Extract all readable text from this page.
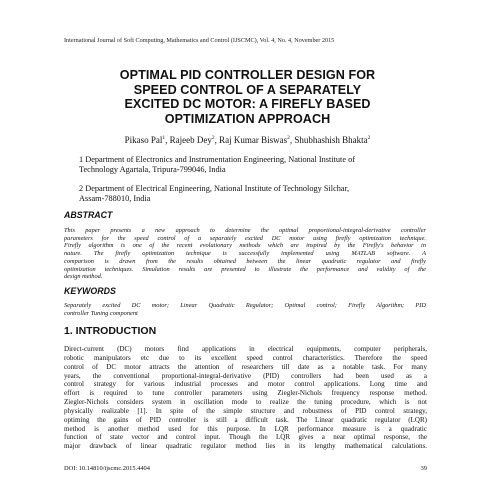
International Journal of Soft Computing, Mathematics and Control (IJSCMC), Vol. 4, No. 4, November 2015
OPTIMAL PID CONTROLLER DESIGN FOR
SPEED CONTROL OF A SEPARATELY
EXCITED DC MOTOR: A FIREFLY BASED
OPTIMIZATION APPROACH
Pikaso Pal$^1$, Rajeeb Dey$^2$, Raj Kumar Biswas$^2$, Shubhashish Bhakta$^2$
1 Department of Electronics and Instrumentation Engineering, National Institute of
Technology Agartala, Tripura-799046, India
2 Department of Electrical Engineering, National Institute of Technology Silchar,
Assam-788010, India
ABSTRACT
This paper presents a new approach to determine the optimal proportional-integral-derivative controller
parameters for the speed control of a separately excited DC motor using firefly optimization technique.
Firefly algorithm is one of the recent evolutionary methods which are inspired by the Firefly's behavior in
nature. The firefly optimization technique is successfully implemented using MATLAB software. A
comparison is drawn from the results obtained between the linear quadratic regulator and firefly
optimization techniques. Simulation results are presented to illustrate the performance and validity of the
design method.
KEYWORDS
Separately excited DC motor; Linear Quadratic Regulator; Optimal control; Firefly Algorithm; PID
controller Tuning component
1. INTRODUCTION
Direct-current (DC) motors find applications in electrical equipments, computer peripherals,
robotic manipulators etc due to its excellent speed control characteristics. Therefore the speed
control of DC motor attracts the attention of researchers till date as a notable task. For many
years, the conventional proportional-integral-derivative (PID) controllers had been used as a
control strategy for various industrial processes and motor control applications. Long time and
effort is required to tune controller parameters using Ziegler-Nichols frequency response method.
Ziegler-Nichols considers system in oscillation mode to realize the tuning procedure, which is not
physically realizable [1]. In spite of the simple structure and robustness of PID control strategy,
optiming the gains of PID controller is still a difficult task. The Linear quadratic regulator (LQR)
method is another method used for this purpose. In LQR performance measure is a quadratic
function of state vector and control input. Though the LQR gives a near optimal response, the
major drawback of linear quadratic regulator method lies in its lengthy mathematical calculations.
DOI: 10.14810/ijscmc.2015.4404	39
